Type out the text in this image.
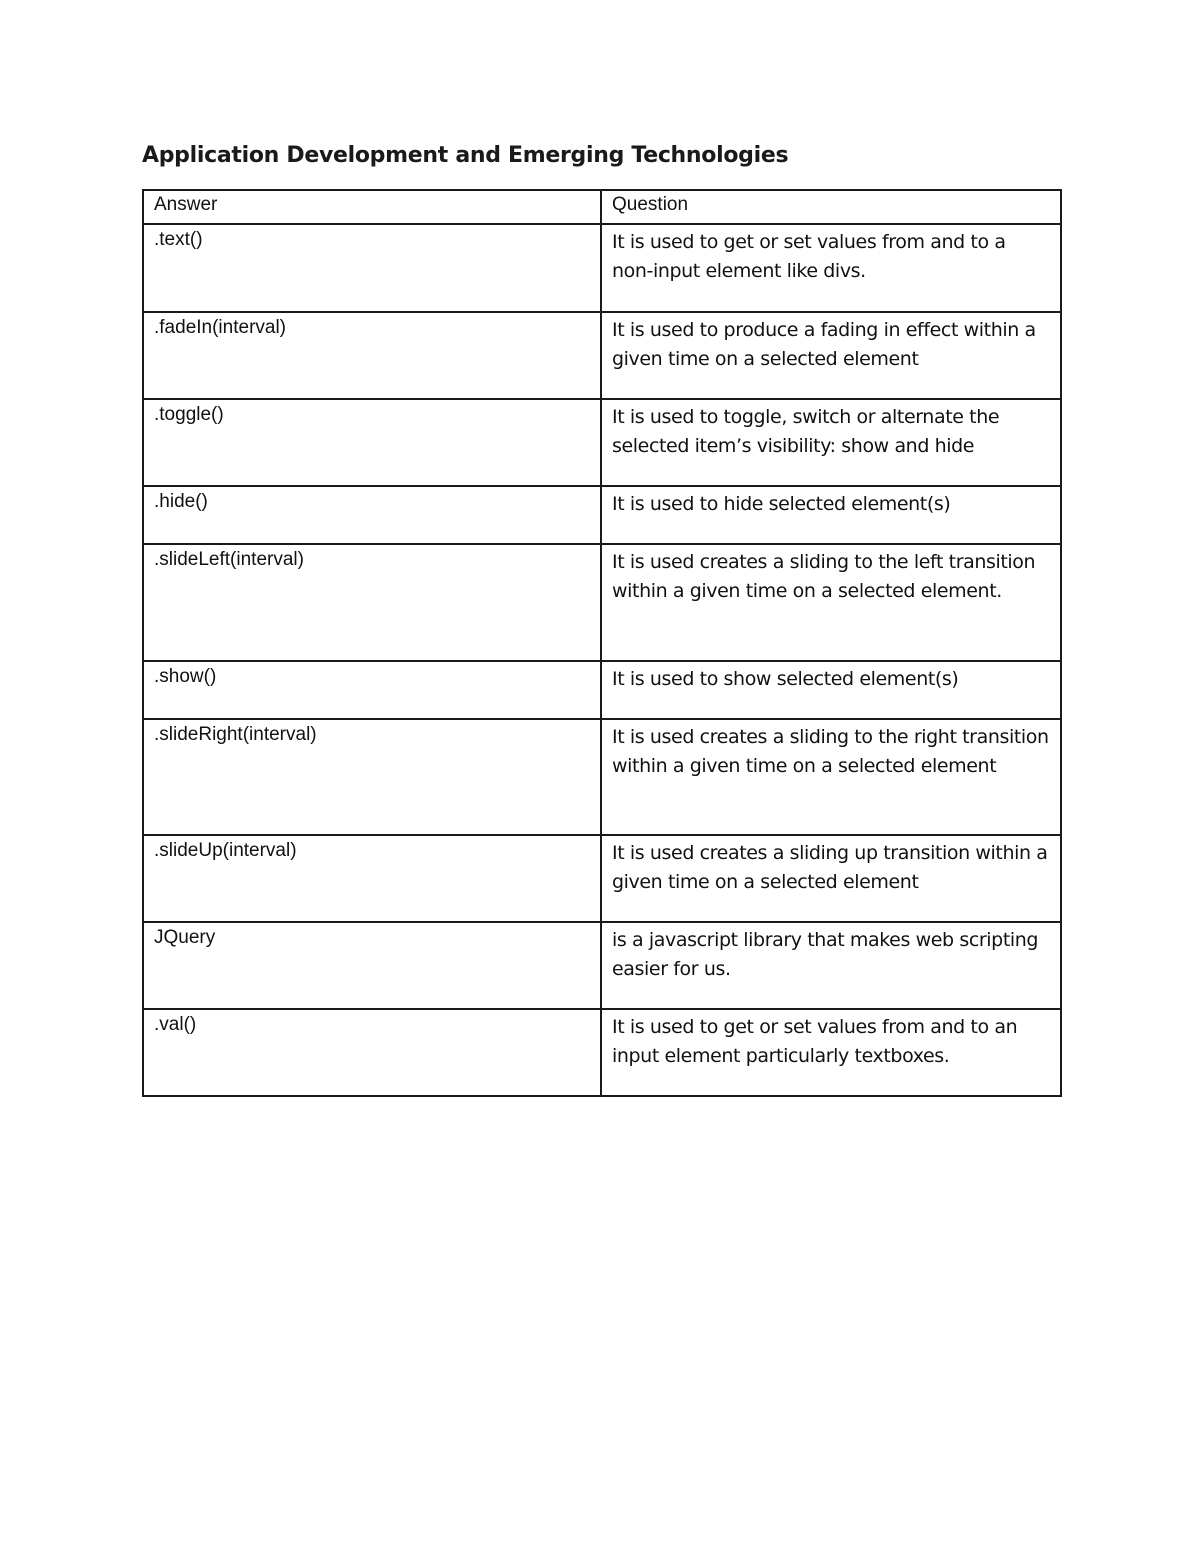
Application Development and Emerging Technologies
Answer	Question
.text()	It is used to get or set values from and to a non-input element like divs.
.fadeIn(interval)	It is used to produce a fading in effect within a given time on a selected element
.toggle()	It is used to toggle, switch or alternate the selected item’s visibility: show and hide
.hide()	It is used to hide selected element(s)
.slideLeft(interval)	It is used creates a sliding to the left transition within a given time on a selected element.
.show()	It is used to show selected element(s)
.slideRight(interval)	It is used creates a sliding to the right transition within a given time on a selected element
.slideUp(interval)	It is used creates a sliding up transition within a given time on a selected element
JQuery	is a javascript library that makes web scripting easier for us.
.val()	It is used to get or set values from and to an input element particularly textboxes.
